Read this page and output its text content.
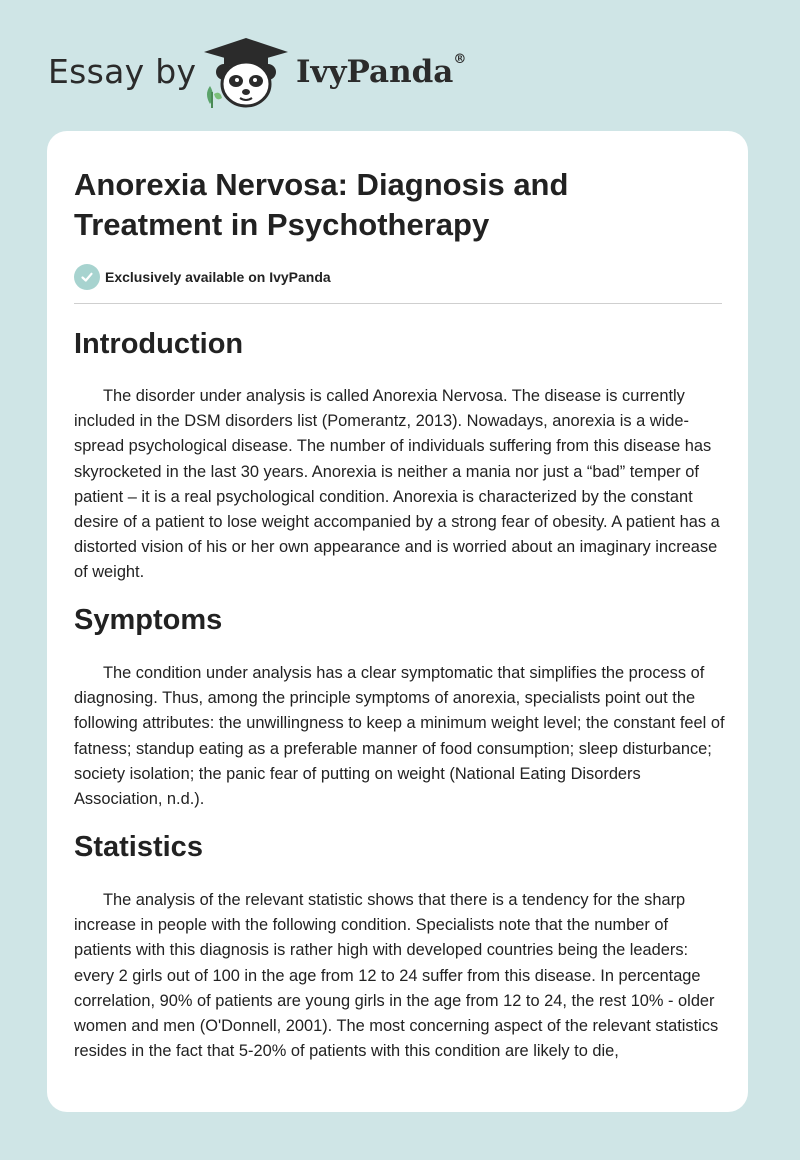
Essay by	IvyPanda®
Anorexia Nervosa: Diagnosis and Treatment in Psychotherapy
Exclusively available on IvyPanda
Introduction

The disorder under analysis is called Anorexia Nervosa. The disease is currently included in the DSM disorders list (Pomerantz, 2013). Nowadays, anorexia is a wide-spread psychological disease. The number of individuals suffering from this disease has skyrocketed in the last 30 years. Anorexia is neither a mania nor just a “bad” temper of patient – it is a real psychological condition. Anorexia is characterized by the constant desire of a patient to lose weight accompanied by a strong fear of obesity. A patient has a distorted vision of his or her own appearance and is worried about an imaginary increase of weight.

Symptoms

The condition under analysis has a clear symptomatic that simplifies the process of diagnosing. Thus, among the principle symptoms of anorexia, specialists point out the following attributes: the unwillingness to keep a minimum weight level; the constant feel of fatness; standup eating as a preferable manner of food consumption; sleep disturbance; society isolation; the panic fear of putting on weight (National Eating Disorders Association, n.d.).

Statistics

The analysis of the relevant statistic shows that there is a tendency for the sharp increase in people with the following condition. Specialists note that the number of patients with this diagnosis is rather high with developed countries being the leaders: every 2 girls out of 100 in the age from 12 to 24 suffer from this disease. In percentage correlation, 90% of patients are young girls in the age from 12 to 24, the rest 10% - older women and men (O'Donnell, 2001). The most concerning aspect of the relevant statistics resides in the fact that 5-20% of patients with this condition are likely to die,
